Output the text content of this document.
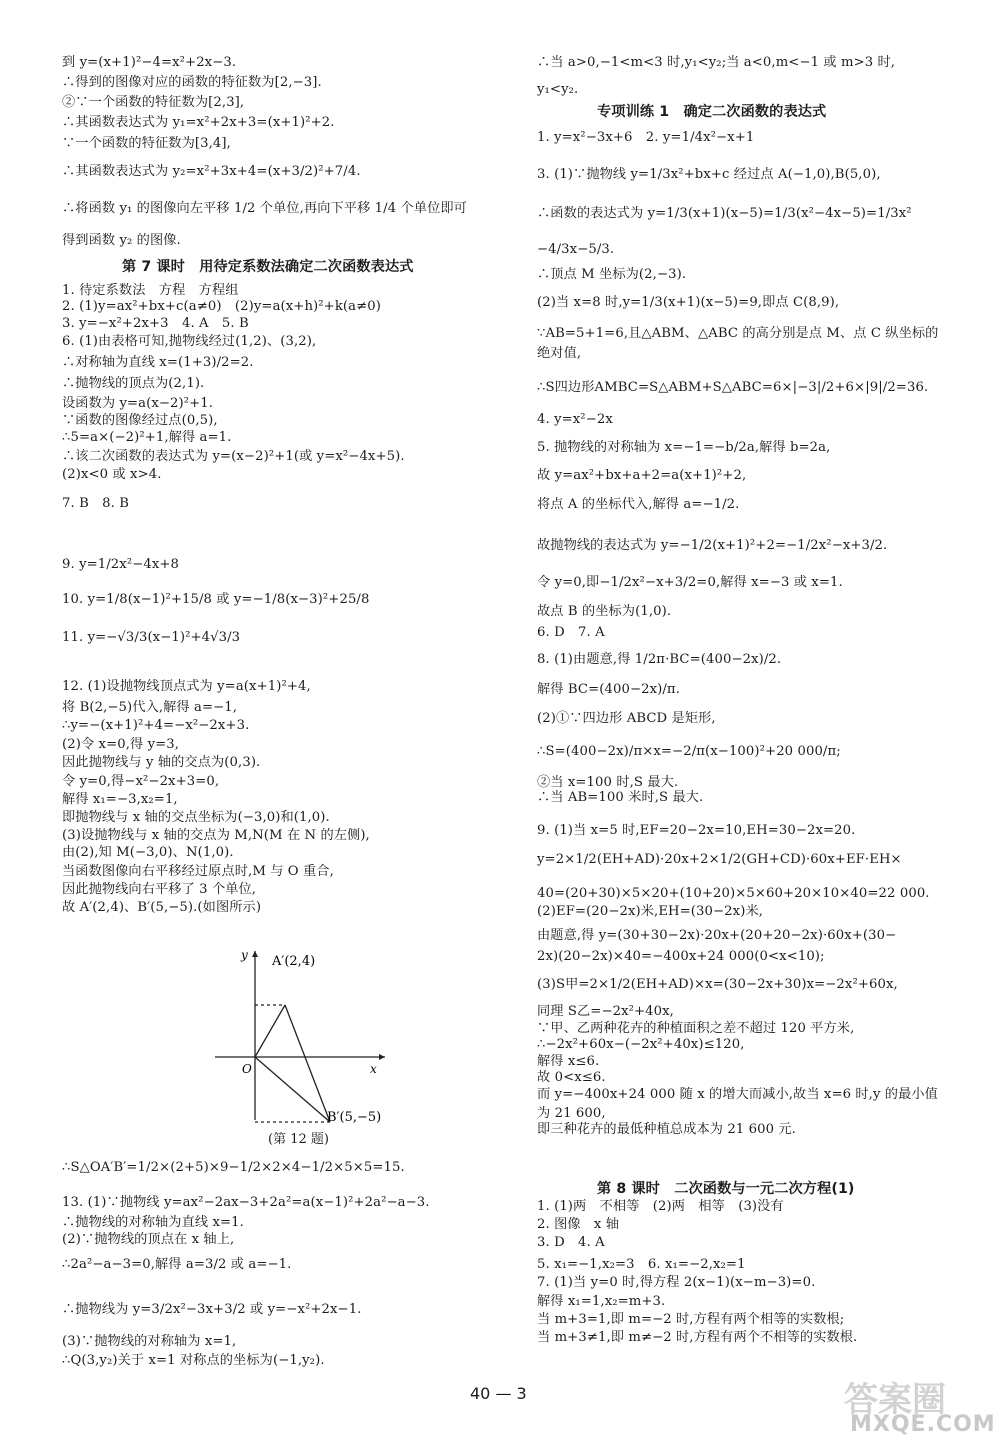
到 y=(x+1)²−4=x²+2x−3.
∴得到的图像对应的函数的特征数为[2,−3].
②∵一个函数的特征数为[2,3],
∴其函数表达式为 y₁=x²+2x+3=(x+1)²+2.
∵一个函数的特征数为[3,4],
∴其函数表达式为 y₂=x²+3x+4=(x+3/2)²+7/4.
∴将函数 y₁ 的图像向左平移 1/2 个单位,再向下平移 1/4 个单位即可
得到函数 y₂ 的图像.
第 7 课时　用待定系数法确定二次函数表达式
1. 待定系数法　方程　方程组
2. (1)y=ax²+bx+c(a≠0)　(2)y=a(x+h)²+k(a≠0)
3. y=−x²+2x+3　4. A　5. B
6. (1)由表格可知,抛物线经过(1,2)、(3,2),
∴对称轴为直线 x=(1+3)/2=2.
∴抛物线的顶点为(2,1).
设函数为 y=a(x−2)²+1.
∵函数的图像经过点(0,5),
∴5=a×(−2)²+1,解得 a=1.
∴该二次函数的表达式为 y=(x−2)²+1(或 y=x²−4x+5).
(2)x<0 或 x>4.
7. B　8. B
9. y=1/2x²−4x+8
10. y=1/8(x−1)²+15/8 或 y=−1/8(x−3)²+25/8
11. y=−√3/3(x−1)²+4√3/3
12. (1)设抛物线顶点式为 y=a(x+1)²+4,
将 B(2,−5)代入,解得 a=−1,
∴y=−(x+1)²+4=−x²−2x+3.
(2)令 x=0,得 y=3,
因此抛物线与 y 轴的交点为(0,3).
令 y=0,得−x²−2x+3=0,
解得 x₁=−3,x₂=1,
即抛物线与 x 轴的交点坐标为(−3,0)和(1,0).
(3)设抛物线与 x 轴的交点为 M,N(M 在 N 的左侧),
由(2),知 M(−3,0)、N(1,0).
当函数图像向右平移经过原点时,M 与 O 重合,
因此抛物线向右平移了 3 个单位,
故 A′(2,4)、B′(5,−5).(如图所示)
∴S△OA′B′=1/2×(2+5)×9−1/2×2×4−1/2×5×5=15.
13. (1)∵抛物线 y=ax²−2ax−3+2a²=a(x−1)²+2a²−a−3.
∴抛物线的对称轴为直线 x=1.
(2)∵抛物线的顶点在 x 轴上,
∴2a²−a−3=0,解得 a=3/2 或 a=−1.
∴抛物线为 y=3/2x²−3x+3/2 或 y=−x²+2x−1.
(3)∵抛物线的对称轴为 x=1,
∴Q(3,y₂)关于 x=1 对称点的坐标为(−1,y₂).
∴当 a>0,−1<m<3 时,y₁<y₂;当 a<0,m<−1 或 m>3 时,
y₁<y₂.
专项训练 1　确定二次函数的表达式
1. y=x²−3x+6　2. y=1/4x²−x+1
3. (1)∵抛物线 y=1/3x²+bx+c 经过点 A(−1,0),B(5,0),
∴函数的表达式为 y=1/3(x+1)(x−5)=1/3(x²−4x−5)=1/3x²
−4/3x−5/3.
∴顶点 M 坐标为(2,−3).
(2)当 x=8 时,y=1/3(x+1)(x−5)=9,即点 C(8,9),
∵AB=5+1=6,且△ABM、△ABC 的高分别是点 M、点 C 纵坐标的
绝对值,
∴S四边形AMBC=S△ABM+S△ABC=6×|−3|/2+6×|9|/2=36.
4. y=x²−2x
5. 抛物线的对称轴为 x=−1=−b/2a,解得 b=2a,
故 y=ax²+bx+a+2=a(x+1)²+2,
将点 A 的坐标代入,解得 a=−1/2.
故抛物线的表达式为 y=−1/2(x+1)²+2=−1/2x²−x+3/2.
令 y=0,即−1/2x²−x+3/2=0,解得 x=−3 或 x=1.
故点 B 的坐标为(1,0).
6. D　7. A
8. (1)由题意,得 1/2π·BC=(400−2x)/2.
解得 BC=(400−2x)/π.
(2)①∵四边形 ABCD 是矩形,
∴S=(400−2x)/π×x=−2/π(x−100)²+20 000/π;
②当 x=100 时,S 最大.
∴当 AB=100 米时,S 最大.
9. (1)当 x=5 时,EF=20−2x=10,EH=30−2x=20.
y=2×1/2(EH+AD)·20x+2×1/2(GH+CD)·60x+EF·EH×
40=(20+30)×5×20+(10+20)×5×60+20×10×40=22 000.
(2)EF=(20−2x)米,EH=(30−2x)米,
由题意,得 y=(30+30−2x)·20x+(20+20−2x)·60x+(30−
2x)(20−2x)×40=−400x+24 000(0<x<10);
(3)S甲=2×1/2(EH+AD)×x=(30−2x+30)x=−2x²+60x,
同理 S乙=−2x²+40x,
∵甲、乙两种花卉的种植面积之差不超过 120 平方米,
∴−2x²+60x−(−2x²+40x)≤120,
解得 x≤6.
故 0<x≤6.
而 y=−400x+24 000 随 x 的增大而减小,故当 x=6 时,y 的最小值
为 21 600,
即三种花卉的最低种植总成本为 21 600 元.
第 8 课时　二次函数与一元二次方程(1)
1. (1)两　不相等　(2)两　相等　(3)没有
2. 图像　x 轴
3. D　4. A
5. x₁=−1,x₂=3　6. x₁=−2,x₂=1
7. (1)当 y=0 时,得方程 2(x−1)(x−m−3)=0.
解得 x₁=1,x₂=m+3.
当 m+3=1,即 m=−2 时,方程有两个相等的实数根;
当 m+3≠1,即 m≠−2 时,方程有两个不相等的实数根.
y
x
O
A′(2,4)
B′(5,−5)
(第 12 题)
40 — 3	答案圈
MXQE.COM
